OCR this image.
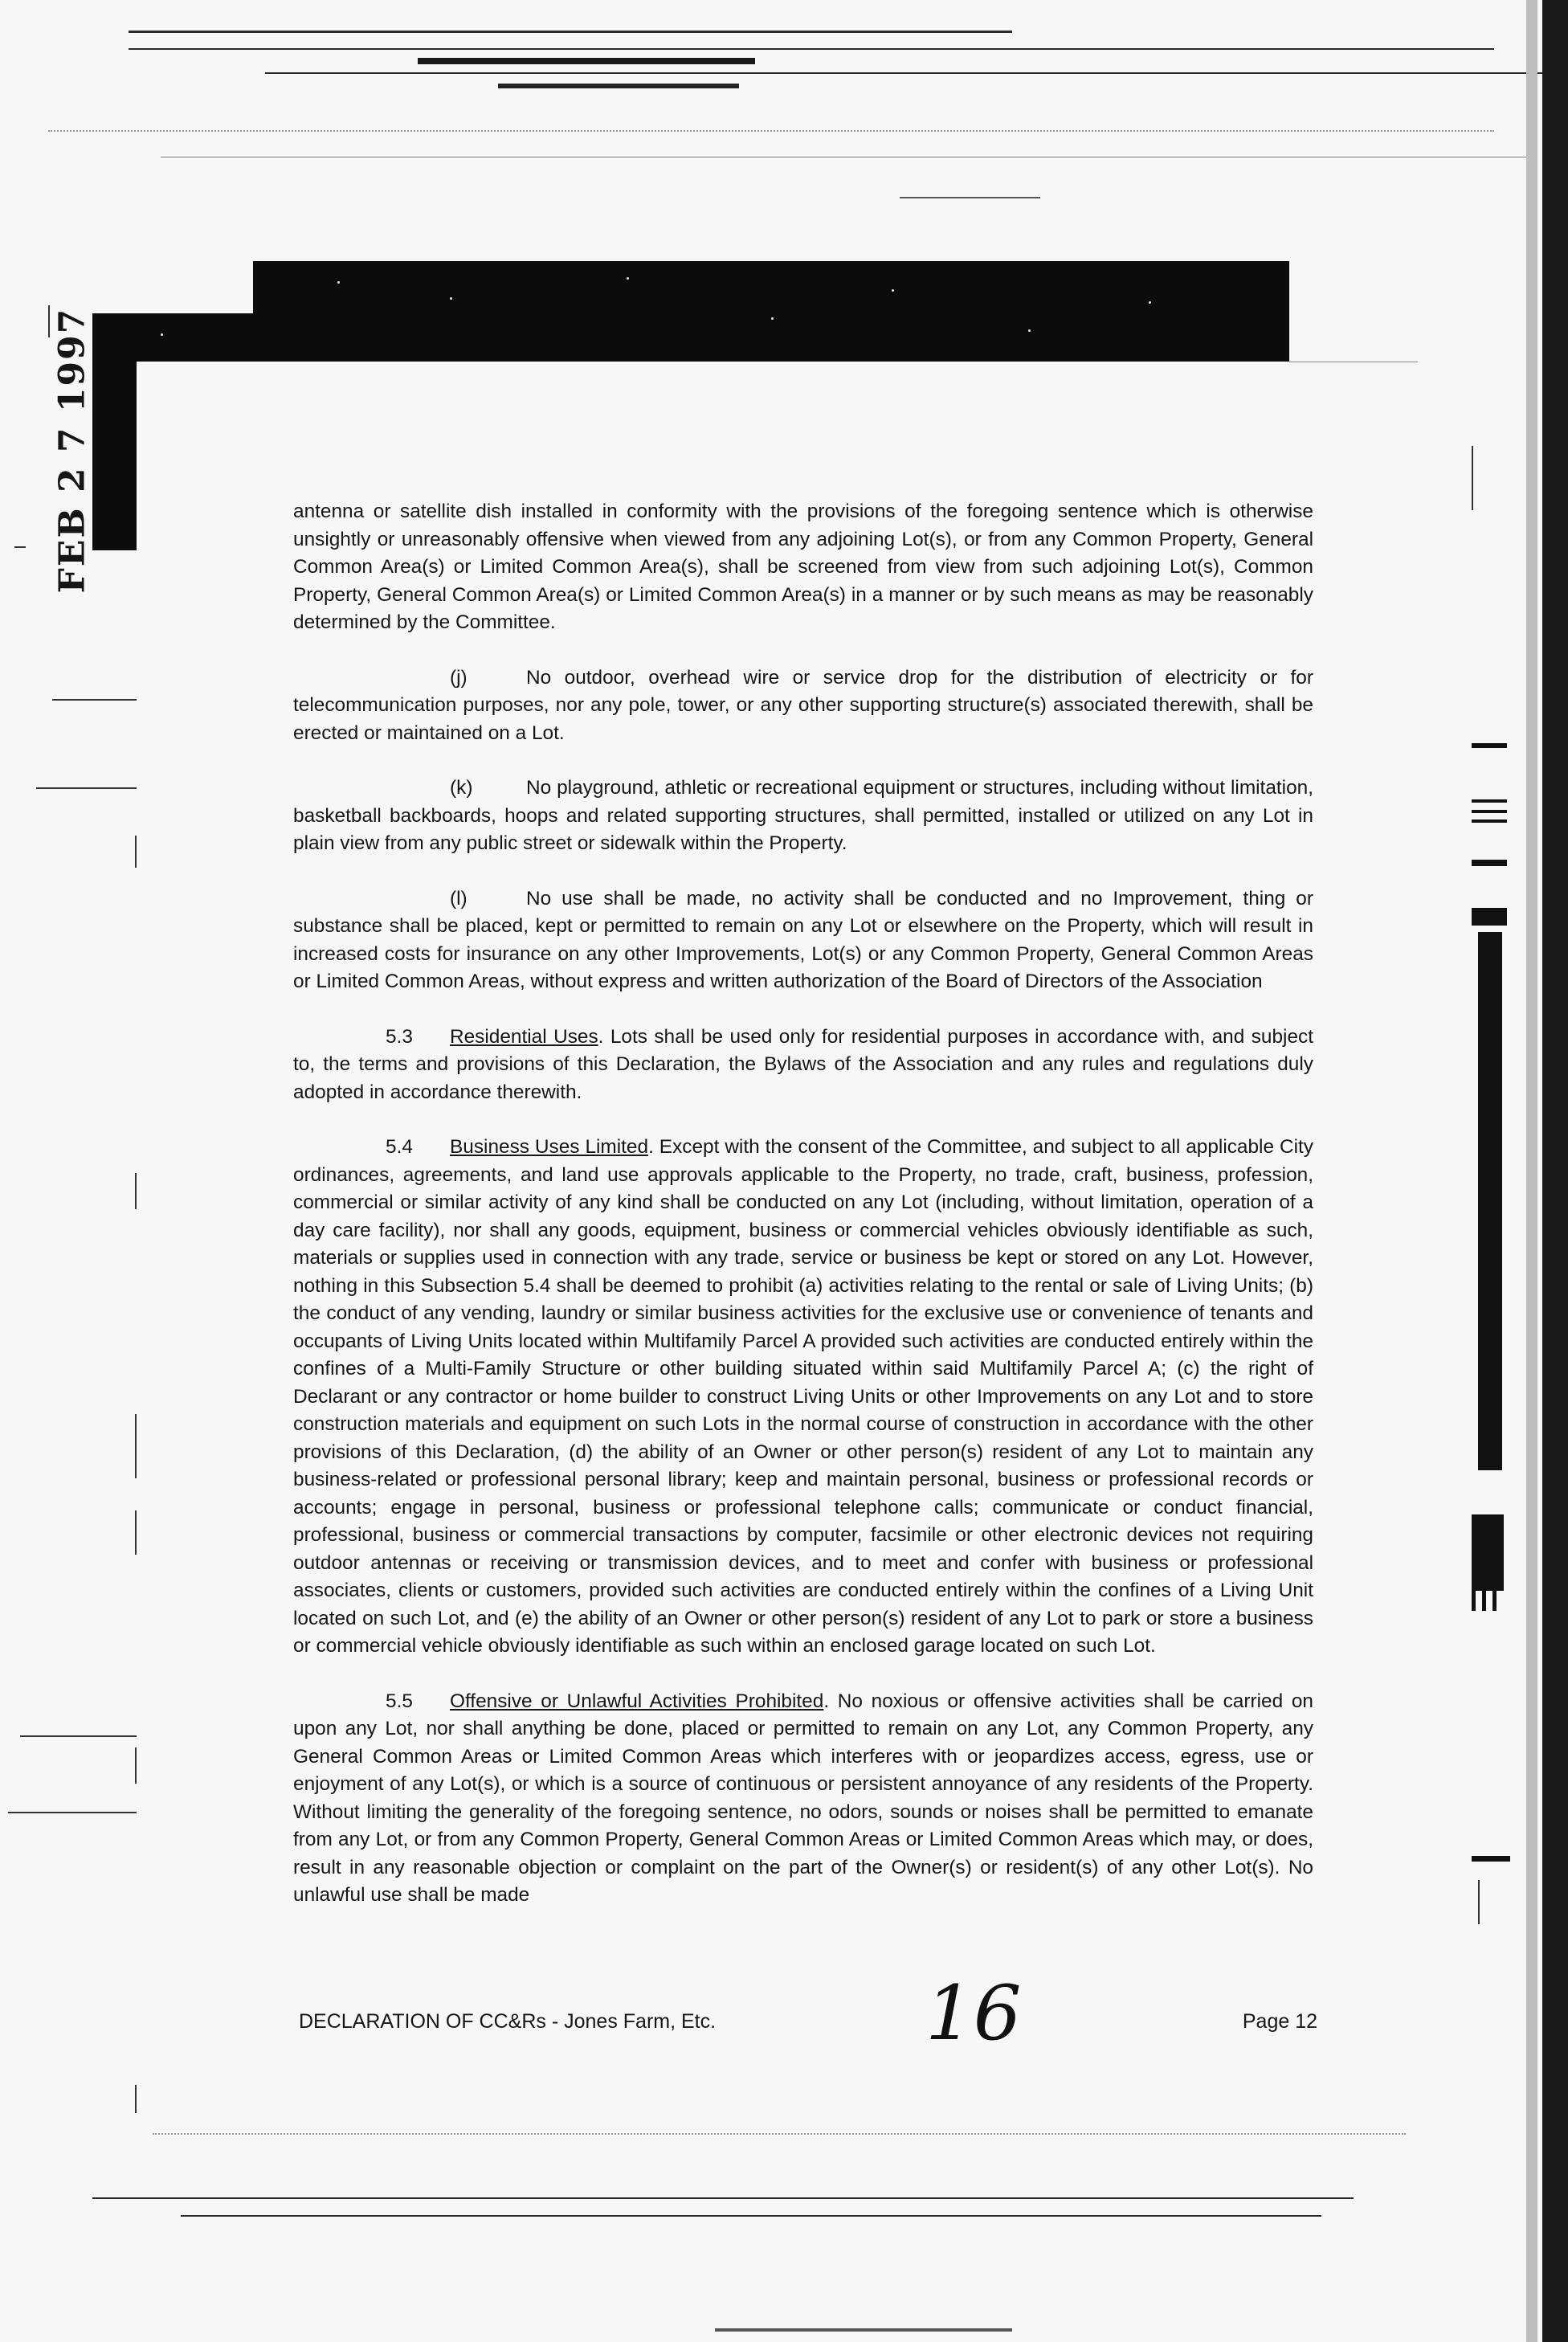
FEB 2 7 1997	antenna or satellite dish installed in conformity with the provisions of the foregoing sentence which is otherwise unsightly or unreasonably offensive when viewed from any adjoining Lot(s), or from any Common Property, General Common Area(s) or Limited Common Area(s), shall be screened from view from such adjoining Lot(s), Common Property, General Common Area(s) or Limited Common Area(s) in a manner or by such means as may be reasonably determined by the Committee.

(j)	No outdoor, overhead wire or service drop for the distribution of electricity or for telecommunication purposes, nor any pole, tower, or any other supporting structure(s) associated therewith, shall be erected or maintained on a Lot.

(k)	No playground, athletic or recreational equipment or structures, including without limitation, basketball backboards, hoops and related supporting structures, shall permitted, installed or utilized on any Lot in plain view from any public street or sidewalk within the Property.

(l)	No use shall be made, no activity shall be conducted and no Improvement, thing or substance shall be placed, kept or permitted to remain on any Lot or elsewhere on the Property, which will result in increased costs for insurance on any other Improvements, Lot(s) or any Common Property, General Common Areas or Limited Common Areas, without express and written authorization of the Board of Directors of the Association

5.3 Residential Uses. Lots shall be used only for residential purposes in accordance with, and subject to, the terms and provisions of this Declaration, the Bylaws of the Association and any rules and regulations duly adopted in accordance therewith.

5.4 Business Uses Limited. Except with the consent of the Committee, and subject to all applicable City ordinances, agreements, and land use approvals applicable to the Property, no trade, craft, business, profession, commercial or similar activity of any kind shall be conducted on any Lot (including, without limitation, operation of a day care facility), nor shall any goods, equipment, business or commercial vehicles obviously identifiable as such, materials or supplies used in connection with any trade, service or business be kept or stored on any Lot. However, nothing in this Subsection 5.4 shall be deemed to prohibit (a) activities relating to the rental or sale of Living Units; (b) the conduct of any vending, laundry or similar business activities for the exclusive use or convenience of tenants and occupants of Living Units located within Multifamily Parcel A provided such activities are conducted entirely within the confines of a Multi-Family Structure or other building situated within said Multifamily Parcel A; (c) the right of Declarant or any contractor or home builder to construct Living Units or other Improvements on any Lot and to store construction materials and equipment on such Lots in the normal course of construction in accordance with the other provisions of this Declaration, (d) the ability of an Owner or other person(s) resident of any Lot to maintain any business-related or professional personal library; keep and maintain personal, business or professional records or accounts; engage in personal, business or professional telephone calls; communicate or conduct financial, professional, business or commercial transactions by computer, facsimile or other electronic devices not requiring outdoor antennas or receiving or transmission devices, and to meet and confer with business or professional associates, clients or customers, provided such activities are conducted entirely within the confines of a Living Unit located on such Lot, and (e) the ability of an Owner or other person(s) resident of any Lot to park or store a business or commercial vehicle obviously identifiable as such within an enclosed garage located on such Lot.

5.5 Offensive or Unlawful Activities Prohibited. No noxious or offensive activities shall be carried on upon any Lot, nor shall anything be done, placed or permitted to remain on any Lot, any Common Property, any General Common Areas or Limited Common Areas which interferes with or jeopardizes access, egress, use or enjoyment of any Lot(s), or which is a source of continuous or persistent annoyance of any residents of the Property. Without limiting the generality of the foregoing sentence, no odors, sounds or noises shall be permitted to emanate from any Lot, or from any Common Property, General Common Areas or Limited Common Areas which may, or does, result in any reasonable objection or complaint on the part of the Owner(s) or resident(s) of any other Lot(s). No unlawful use shall be made

DECLARATION OF CC&Rs - Jones Farm, Etc.	16	Page 12
